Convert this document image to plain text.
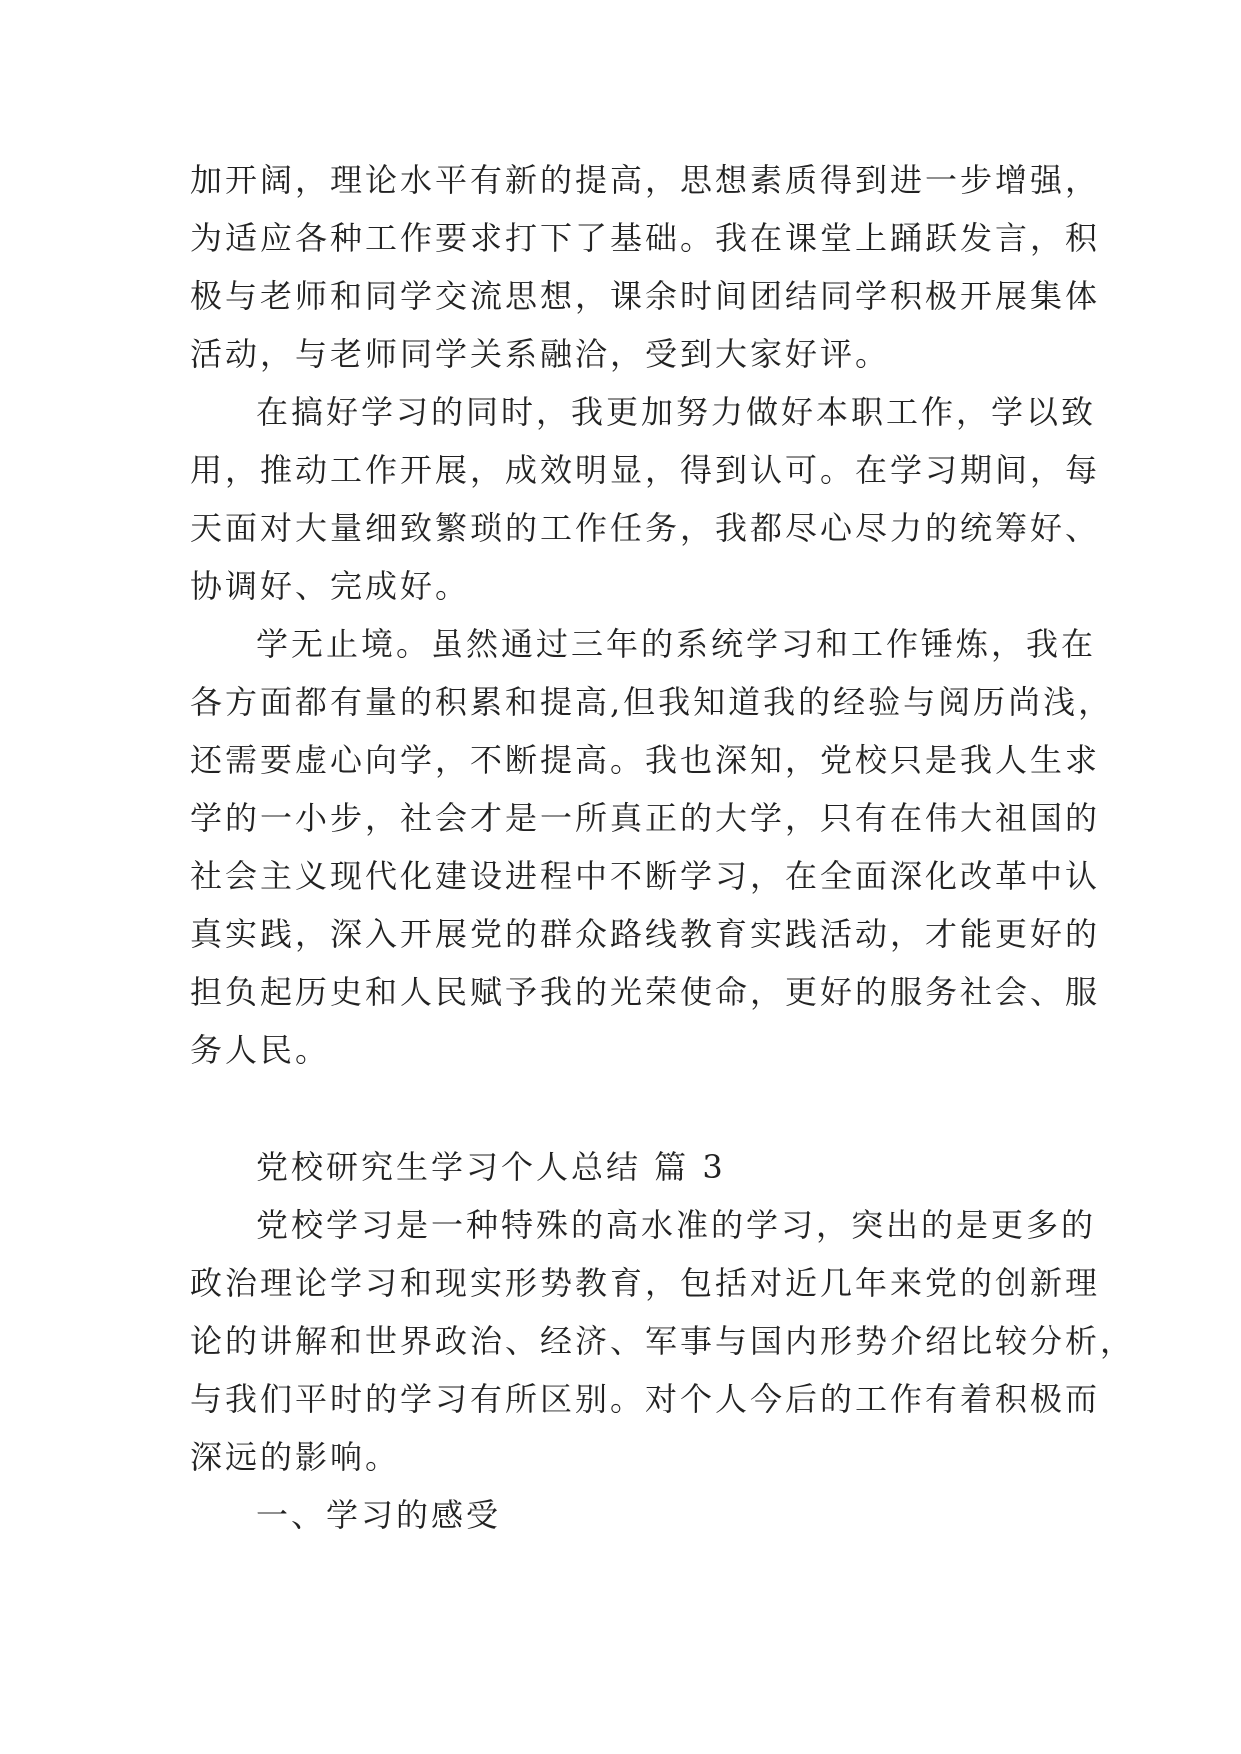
加开阔，理论水平有新的提高，思想素质得到进一步增强，
为适应各种工作要求打下了基础。我在课堂上踊跃发言，积
极与老师和同学交流思想，课余时间团结同学积极开展集体
活动，与老师同学关系融洽，受到大家好评。
在搞好学习的同时，我更加努力做好本职工作，学以致
用，推动工作开展，成效明显，得到认可。在学习期间，每
天面对大量细致繁琐的工作任务，我都尽心尽力的统筹好、
协调好、完成好。
学无止境。虽然通过三年的系统学习和工作锤炼，我在
各方面都有量的积累和提高,但我知道我的经验与阅历尚浅，
还需要虚心向学，不断提高。我也深知，党校只是我人生求
学的一小步，社会才是一所真正的大学，只有在伟大祖国的
社会主义现代化建设进程中不断学习，在全面深化改革中认
真实践，深入开展党的群众路线教育实践活动，才能更好的
担负起历史和人民赋予我的光荣使命，更好的服务社会、服
务人民。
党校研究生学习个人总结 篇 3
党校学习是一种特殊的高水准的学习，突出的是更多的
政治理论学习和现实形势教育，包括对近几年来党的创新理
论的讲解和世界政治、经济、军事与国内形势介绍比较分析，
与我们平时的学习有所区别。对个人今后的工作有着积极而
深远的影响。
一、学习的感受
